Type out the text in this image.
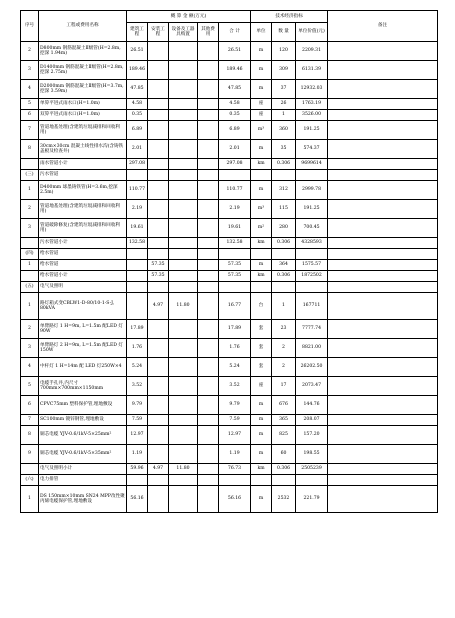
序号	工程或费用名称	概 算 金 额(万元)					技术经济指标			备注
		建筑工程	安装工程	设备及工器具购置	其他费用	合 计	单位	数 量	单位价值(元)	
2	D800mm 钢筋混凝土Ⅱ级管(H=2.8m,挖深 1.94m)	26.51				26.51	m	120	2209.31	
3	D1400mm 钢筋混凝土Ⅱ级管(H=2.8m,挖深 2.75m)	189.46				189.46	m	309	6131.39	
4	D2000mm 钢筋混凝土Ⅱ级管(H=3.7m,挖深 3.59m)	47.85				47.85	m	37	12932.03	
5	单箅平进式雨水口(H=1.0m)	4.58				4.58	座	26	1763.19	
6	双箅平进式雨水口(H=1.0m)	0.35				0.35	座	1	3526.00	
7	管道地基处理(含建筑垃圾减排和回收利用)	6.89				6.89	m³	360	191.25	
8	30cm×30cm 混凝土线性排水沟(含铸铁盖板及检查井)	2.01				2.01	m	35	574.37	
	雨水管道小计	297.08				297.08	km	0.306	9699614	
(三)	污水管道									
1	D400mm 球墨铸铁管(H=3.6m,挖深 2.5m)	110.77				110.77	m	312	2999.78	
2	管道地基处理(含建筑垃圾减排和回收利用)	2.19				2.19	m³	115	191.25	
3	管道破除修复(含建筑垃圾减排和回收利用)	19.61				19.61	m²	280	700.45	
	污水管道小计	132.58				132.58	km	0.306	4328593	
(四)	给水管道									
1	给水管道		57.35			57.35	m	364	1575.57	
	给水管道小计		57.35			57.35	km	0.306	1872502	
(五)	电气及照明									
1	路灯箱式变CBLW1-D-80/10-1-S-J, 80kVA		4.97	11.80		16.77	台	1	167711	
2	单臂路灯 1 H=9m, L=1.5m 配LED 灯 90W	17.89				17.89	套	23	7777.74	
3	单臂路灯 2 H=9m, L=1.5m 配LED 灯 150W	1.76				1.76	套	2	8821.00	
4	中杆灯 1 H=14m 配 LED 灯250W×4	5.24				5.24	套	2	26202.50	
5	电缆手孔井,内尺寸 700mm×700mm×1150mm	3.52				3.52	座	17	2073.47	
6	CPVC75mm 塑料保护管,埋地敷设	9.79				9.79	m	676	144.76	
7	SC100mm 镀锌钢管,埋地敷设	7.59				7.59	m	365	208.07	
8	铜芯电缆 YJV-0.6/1kV-5×25mm²	12.97				12.97	m	825	157.20	
9	铜芯电缆 YJV-0.6/1kV-5×35mm²	1.19				1.19	m	60	198.55	
	电气及照明小计	59.96	4.97	11.80		76.73	km	0.306	2505239	
(六)	电力排管									
1	DS 150mm×10mm SN24 MPP改性聚丙烯电缆保护管,埋地敷设	56.16				56.16	m	2532	221.79	
